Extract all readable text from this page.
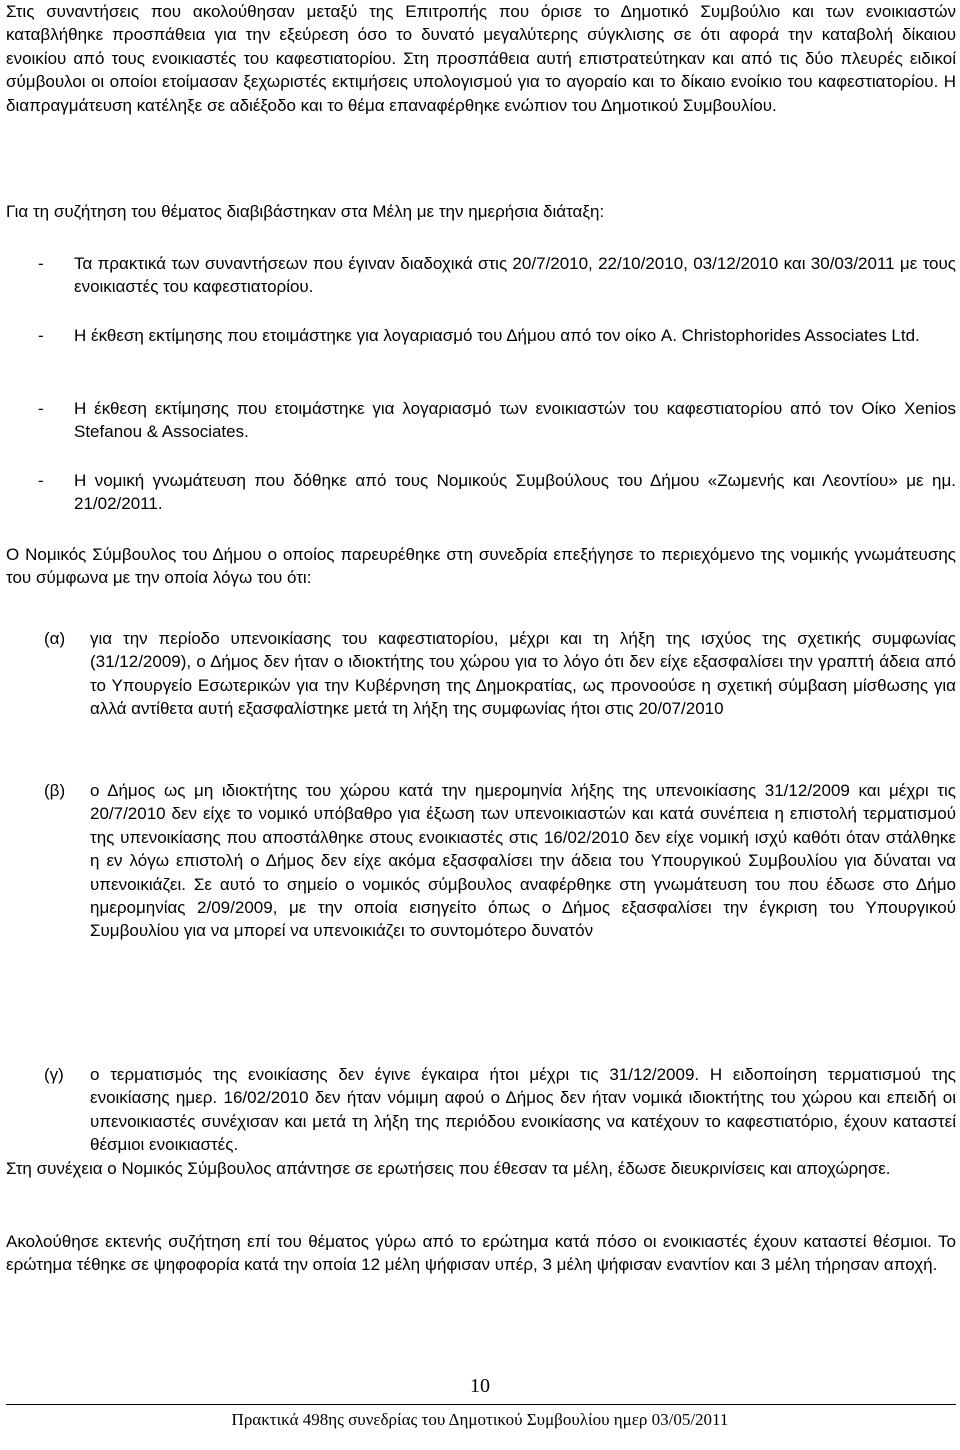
Στις συναντήσεις που ακολούθησαν μεταξύ της Επιτροπής που όρισε το Δημοτικό Συμβούλιο και των ενοικιαστών καταβλήθηκε προσπάθεια για την εξεύρεση όσο το δυνατό μεγαλύτερης σύγκλισης σε ότι αφορά την καταβολή δίκαιου ενοικίου από τους ενοικιαστές του καφεστιατορίου. Στη προσπάθεια αυτή επιστρατεύτηκαν και από τις δύο πλευρές ειδικοί σύμβουλοι οι οποίοι ετοίμασαν ξεχωριστές εκτιμήσεις υπολογισμού για το αγοραίο και το δίκαιο ενοίκιο του καφεστιατορίου. Η διαπραγμάτευση κατέληξε σε αδιέξοδο και το θέμα επαναφέρθηκε ενώπιον του Δημοτικού Συμβουλίου.

Για τη συζήτηση του θέματος διαβιβάστηκαν στα Μέλη με την ημερήσια διάταξη:

- Τα πρακτικά των συναντήσεων που έγιναν διαδοχικά στις 20/7/2010, 22/10/2010, 03/12/2010 και 30/03/2011 με τους ενοικιαστές του καφεστιατορίου.

- Η έκθεση εκτίμησης που ετοιμάστηκε για λογαριασμό του Δήμου από τον οίκο A. Christophorides Associates Ltd.

- Η έκθεση εκτίμησης που ετοιμάστηκε για λογαριασμό των ενοικιαστών του καφεστιατορίου από τον Οίκο Xenios Stefanou & Associates.

- Η νομική γνωμάτευση που δόθηκε από τους Νομικούς Συμβούλους του Δήμου «Ζωμενής και Λεοντίου» με ημ. 21/02/2011.

Ο Νομικός Σύμβουλος του Δήμου ο οποίος παρευρέθηκε στη συνεδρία επεξήγησε το περιεχόμενο της νομικής γνωμάτευσης του σύμφωνα με την οποία λόγω του ότι:

(α) για την περίοδο υπενοικίασης του καφεστιατορίου, μέχρι και τη λήξη της ισχύος της σχετικής συμφωνίας (31/12/2009), ο Δήμος δεν ήταν ο ιδιοκτήτης του χώρου για το λόγο ότι δεν είχε εξασφαλίσει την γραπτή άδεια από το Υπουργείο Εσωτερικών για την Κυβέρνηση της Δημοκρατίας, ως προνοούσε η σχετική σύμβαση μίσθωσης για αλλά αντίθετα αυτή εξασφαλίστηκε μετά τη λήξη της συμφωνίας ήτοι στις 20/07/2010

(β) ο Δήμος ως μη ιδιοκτήτης του χώρου κατά την ημερομηνία λήξης της υπενοικίασης 31/12/2009 και μέχρι τις 20/7/2010 δεν είχε το νομικό υπόβαθρο για έξωση των υπενοικιαστών και κατά συνέπεια η επιστολή τερματισμού της υπενοικίασης που αποστάλθηκε στους ενοικιαστές στις 16/02/2010 δεν είχε νομική ισχύ καθότι όταν στάλθηκε η εν λόγω επιστολή ο Δήμος δεν είχε ακόμα εξασφαλίσει την άδεια του Υπουργικού Συμβουλίου για δύναται να υπενοικιάζει. Σε αυτό το σημείο ο νομικός σύμβουλος αναφέρθηκε στη γνωμάτευση του που έδωσε στο Δήμο ημερομηνίας 2/09/2009, με την οποία εισηγείτο όπως ο Δήμος εξασφαλίσει την έγκριση του Υπουργικού Συμβουλίου για να μπορεί να υπενοικιάζει το συντομότερο δυνατόν

(γ) ο τερματισμός της ενοικίασης δεν έγινε έγκαιρα ήτοι μέχρι τις 31/12/2009. Η ειδοποίηση τερματισμού της ενοικίασης ημερ. 16/02/2010 δεν ήταν νόμιμη αφού ο Δήμος δεν ήταν νομικά ιδιοκτήτης του χώρου και επειδή οι υπενοικιαστές συνέχισαν και μετά τη λήξη της περιόδου ενοικίασης να κατέχουν το καφεστιατόριο, έχουν καταστεί θέσμιοι ενοικιαστές.

Στη συνέχεια ο Νομικός Σύμβουλος απάντησε σε ερωτήσεις που έθεσαν τα μέλη, έδωσε διευκρινίσεις και αποχώρησε.

Ακολούθησε εκτενής συζήτηση επί του θέματος γύρω από το ερώτημα κατά πόσο οι ενοικιαστές έχουν καταστεί θέσμιοι. Το ερώτημα τέθηκε σε ψηφοφορία κατά την οποία 12 μέλη ψήφισαν υπέρ, 3 μέλη ψήφισαν εναντίον και 3 μέλη τήρησαν αποχή.

10
Πρακτικά 498ης συνεδρίας του Δημοτικού Συμβουλίου ημερ 03/05/2011
